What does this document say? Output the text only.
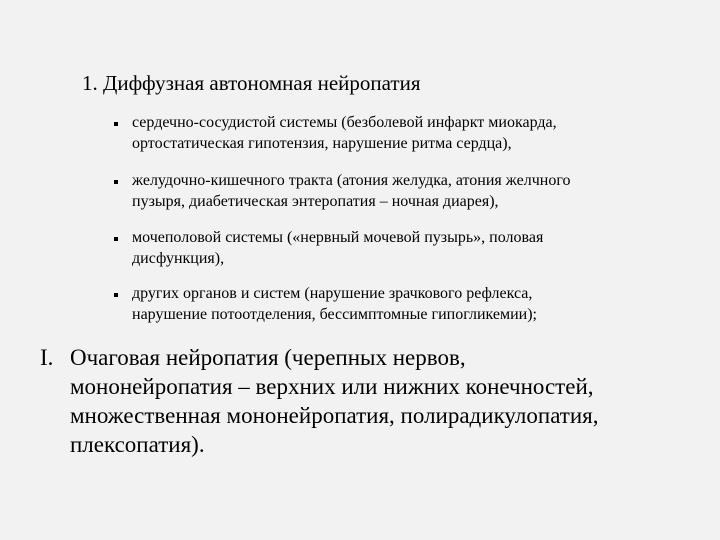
1. Диффузная автономная нейропатия
сердечно-сосудистой системы (безболевой инфаркт миокарда,
ортостатическая гипотензия, нарушение ритма сердца),
желудочно-кишечного тракта (атония желудка, атония желчного
пузыря, диабетическая энтеропатия – ночная диарея),
мочеполовой системы («нервный мочевой пузырь», половая
дисфункция),
других органов и систем (нарушение зрачкового рефлекса,
нарушение потоотделения, бессимптомные гипогликемии);
I. Очаговая нейропатия (черепных нервов,
мононейропатия – верхних или нижних конечностей,
множественная мононейропатия, полирадикулопатия,
плексопатия).
